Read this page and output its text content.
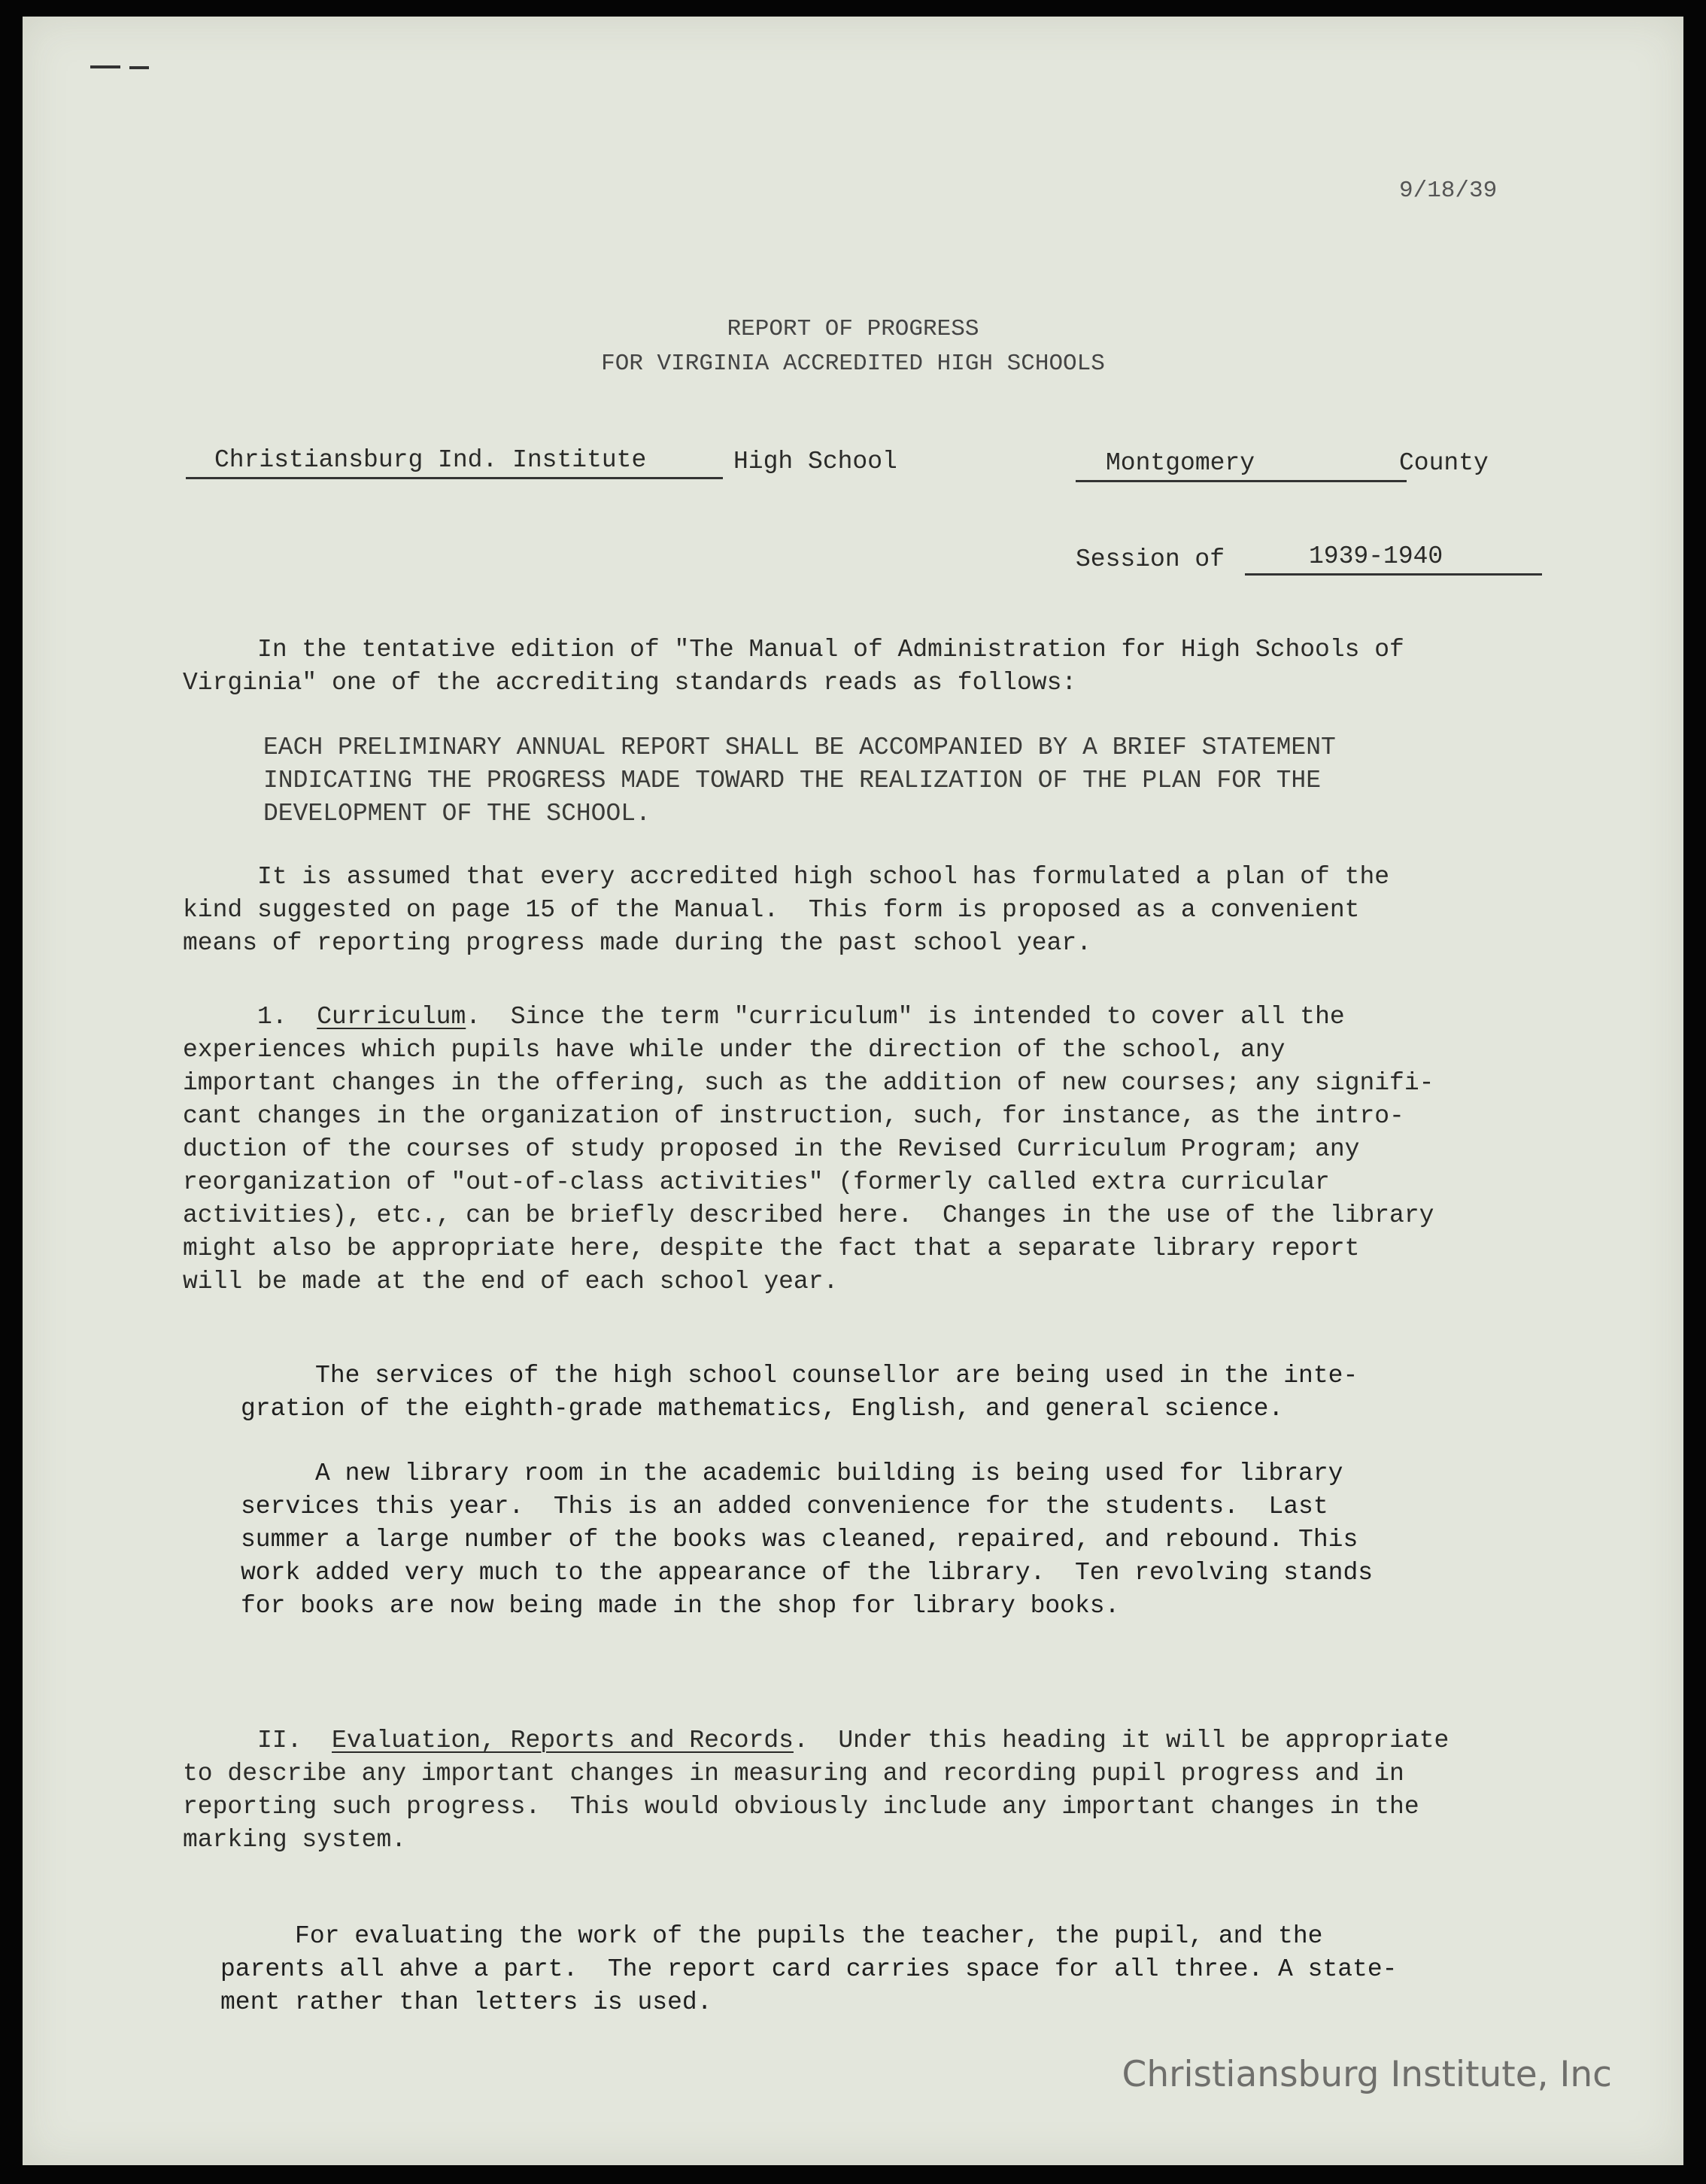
9/18/39
REPORT OF PROGRESS
FOR VIRGINIA ACCREDITED HIGH SCHOOLS
Christiansburg Ind. Institute	High School	Montgomery	County
Session of	1939-1940
In the tentative edition of "The Manual of Administration for High Schools of
Virginia" one of the accrediting standards reads as follows:
EACH PRELIMINARY ANNUAL REPORT SHALL BE ACCOMPANIED BY A BRIEF STATEMENT
INDICATING THE PROGRESS MADE TOWARD THE REALIZATION OF THE PLAN FOR THE
DEVELOPMENT OF THE SCHOOL.
It is assumed that every accredited high school has formulated a plan of the
kind suggested on page 15 of the Manual.  This form is proposed as a convenient
means of reporting progress made during the past school year.
1.  Curriculum.  Since the term "curriculum" is intended to cover all the
experiences which pupils have while under the direction of the school, any
important changes in the offering, such as the addition of new courses; any signifi-
cant changes in the organization of instruction, such, for instance, as the intro-
duction of the courses of study proposed in the Revised Curriculum Program; any
reorganization of "out-of-class activities" (formerly called extra curricular
activities), etc., can be briefly described here.  Changes in the use of the library
might also be appropriate here, despite the fact that a separate library report
will be made at the end of each school year.
The services of the high school counsellor are being used in the inte-
gration of the eighth-grade mathematics, English, and general science.
A new library room in the academic building is being used for library
services this year.  This is an added convenience for the students.  Last
summer a large number of the books was cleaned, repaired, and rebound. This
work added very much to the appearance of the library.  Ten revolving stands
for books are now being made in the shop for library books.
II.  Evaluation, Reports and Records.  Under this heading it will be appropriate
to describe any important changes in measuring and recording pupil progress and in
reporting such progress.  This would obviously include any important changes in the
marking system.
For evaluating the work of the pupils the teacher, the pupil, and the
parents all ahve a part.  The report card carries space for all three. A state-
ment rather than letters is used.
Christiansburg Institute, Inc
